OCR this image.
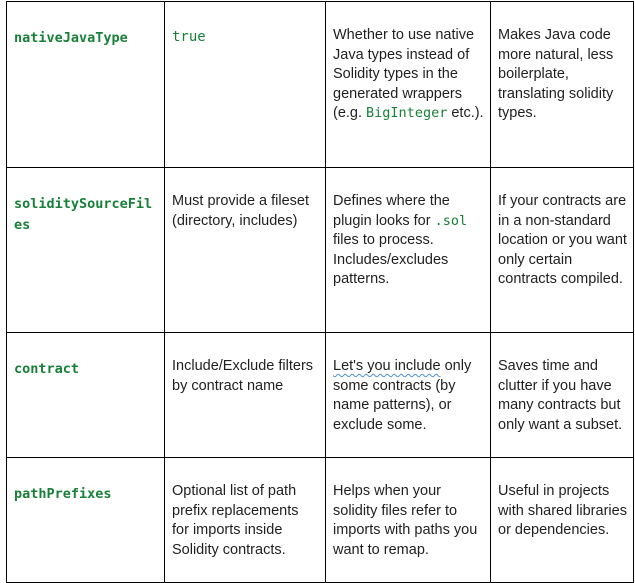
nativeJavaType	true	Whether to use native Java types instead of Solidity types in the generated wrappers (e.g. BigInteger etc.).	Makes Java code more natural, less boilerplate, translating solidity types.

soliditySourceFiles	Must provide a fileset (directory, includes)	Defines where the plugin looks for .sol files to process. Includes/excludes patterns.	If your contracts are in a non-standard location or you want only certain contracts compiled.

contract	Include/Exclude filters by contract name	Let's you include only some contracts (by name patterns), or exclude some.	Saves time and clutter if you have many contracts but only want a subset.

pathPrefixes	Optional list of path prefix replacements for imports inside Solidity contracts.	Helps when your solidity files refer to imports with paths you want to remap.	Useful in projects with shared libraries or dependencies.
